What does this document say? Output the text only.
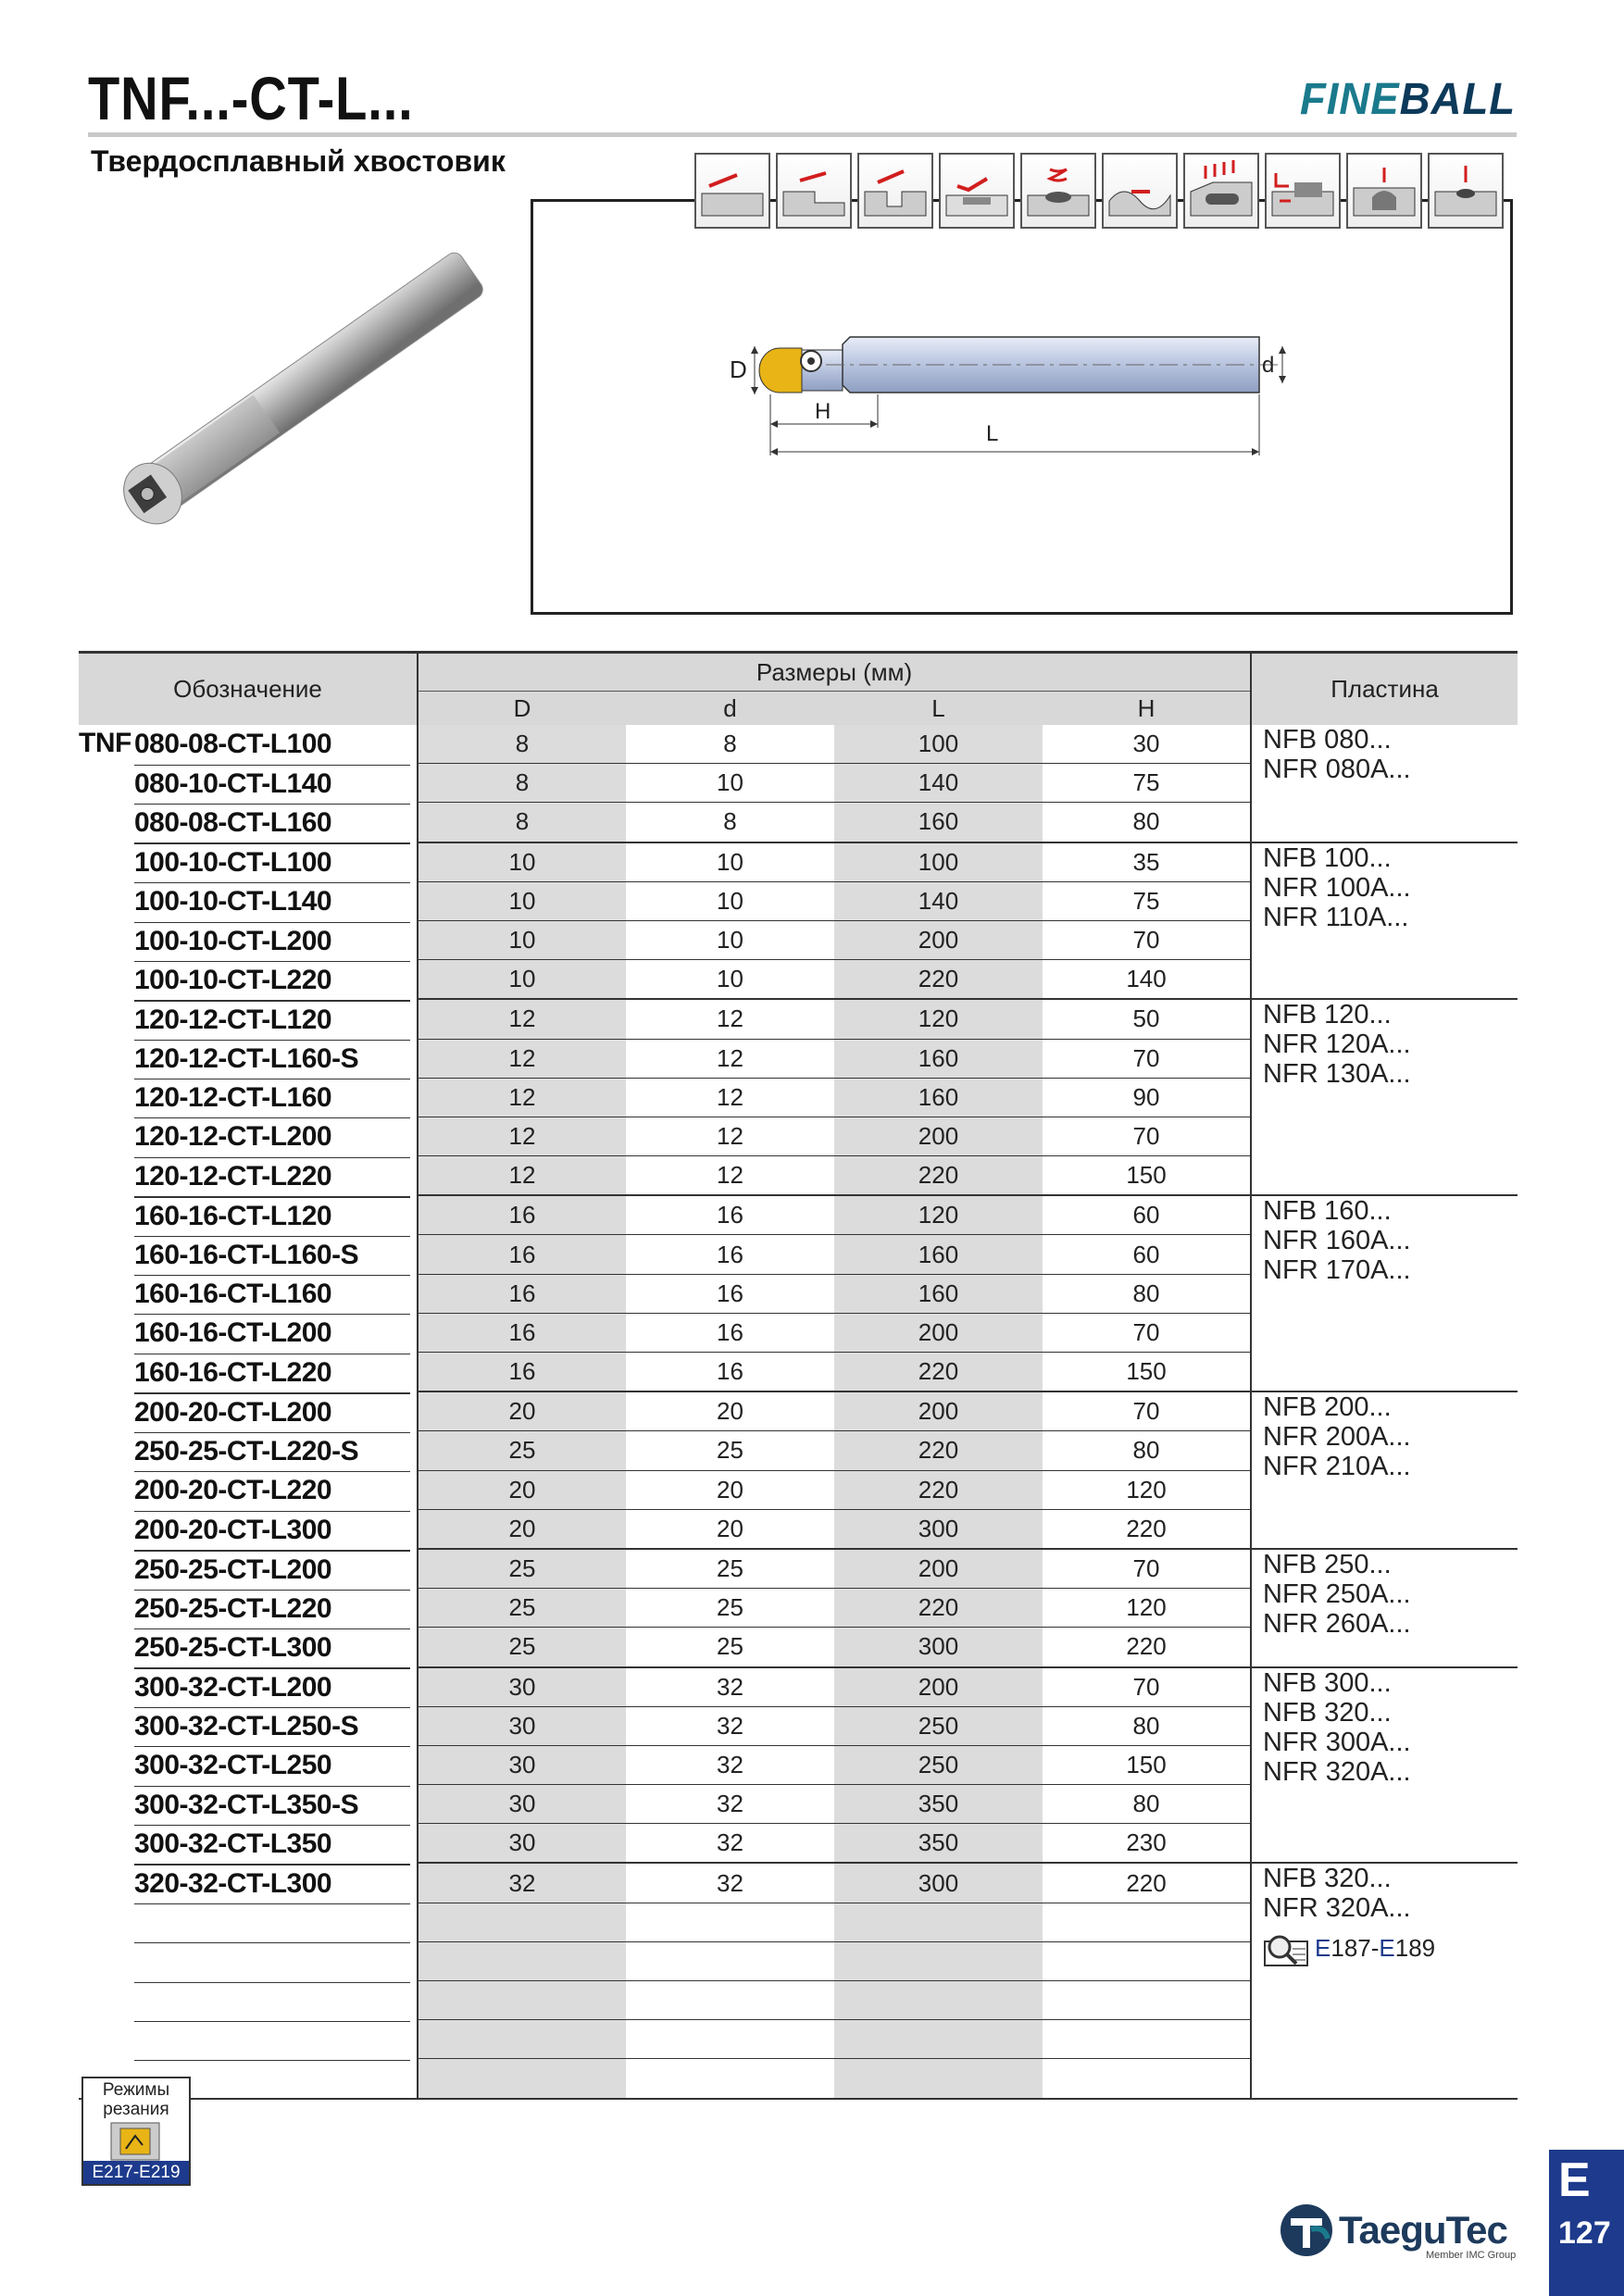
TNF...-CT-L...
Твердосплавный хвостовик
FINEBALL
D	d
H
L
Обозначение	Размеры (мм)				Пластина
	D	d	L	H	
TNF 080-08-CT-L100	8	8	100	30	NFB 080...
NFR 080A...

080-10-CT-L140	8	10	140	75	
080-08-CT-L160	8	8	160	80	
100-10-CT-L100	10	10	100	35	NFB 100...
NFR 100A...
NFR 110A...

100-10-CT-L140	10	10	140	75	
100-10-CT-L200	10	10	200	70	
100-10-CT-L220	10	10	220	140	
120-12-CT-L120	12	12	120	50	NFB 120...
NFR 120A...
NFR 130A...

120-12-CT-L160-S	12	12	160	70	
120-12-CT-L160	12	12	160	90	
120-12-CT-L200	12	12	200	70	
120-12-CT-L220	12	12	220	150	
160-16-CT-L120	16	16	120	60	NFB 160...
NFR 160A...
NFR 170A...

160-16-CT-L160-S	16	16	160	60	
160-16-CT-L160	16	16	160	80	
160-16-CT-L200	16	16	200	70	
160-16-CT-L220	16	16	220	150	
200-20-CT-L200	20	20	200	70	NFB 200...
NFR 200A...
NFR 210A...

250-25-CT-L220-S	25	25	220	80	
200-20-CT-L220	20	20	220	120	
200-20-CT-L300	20	20	300	220	
250-25-CT-L200	25	25	200	70	NFB 250...
NFR 250A...
NFR 260A...

250-25-CT-L220	25	25	220	120	
250-25-CT-L300	25	25	300	220	
300-32-CT-L200	30	32	200	70	NFB 300...
NFB 320...
NFR 300A...
NFR 320A...

300-32-CT-L250-S	30	32	250	80	
300-32-CT-L250	30	32	250	150	
300-32-CT-L350-S	30	32	350	80	
300-32-CT-L350	30	32	350	230	
320-32-CT-L300	32	32	300	220	NFB 320...
NFR 320A...
E187-E189

Режимы
резания
E217-E219
TaeguTec
Member IMC Group
E
127
